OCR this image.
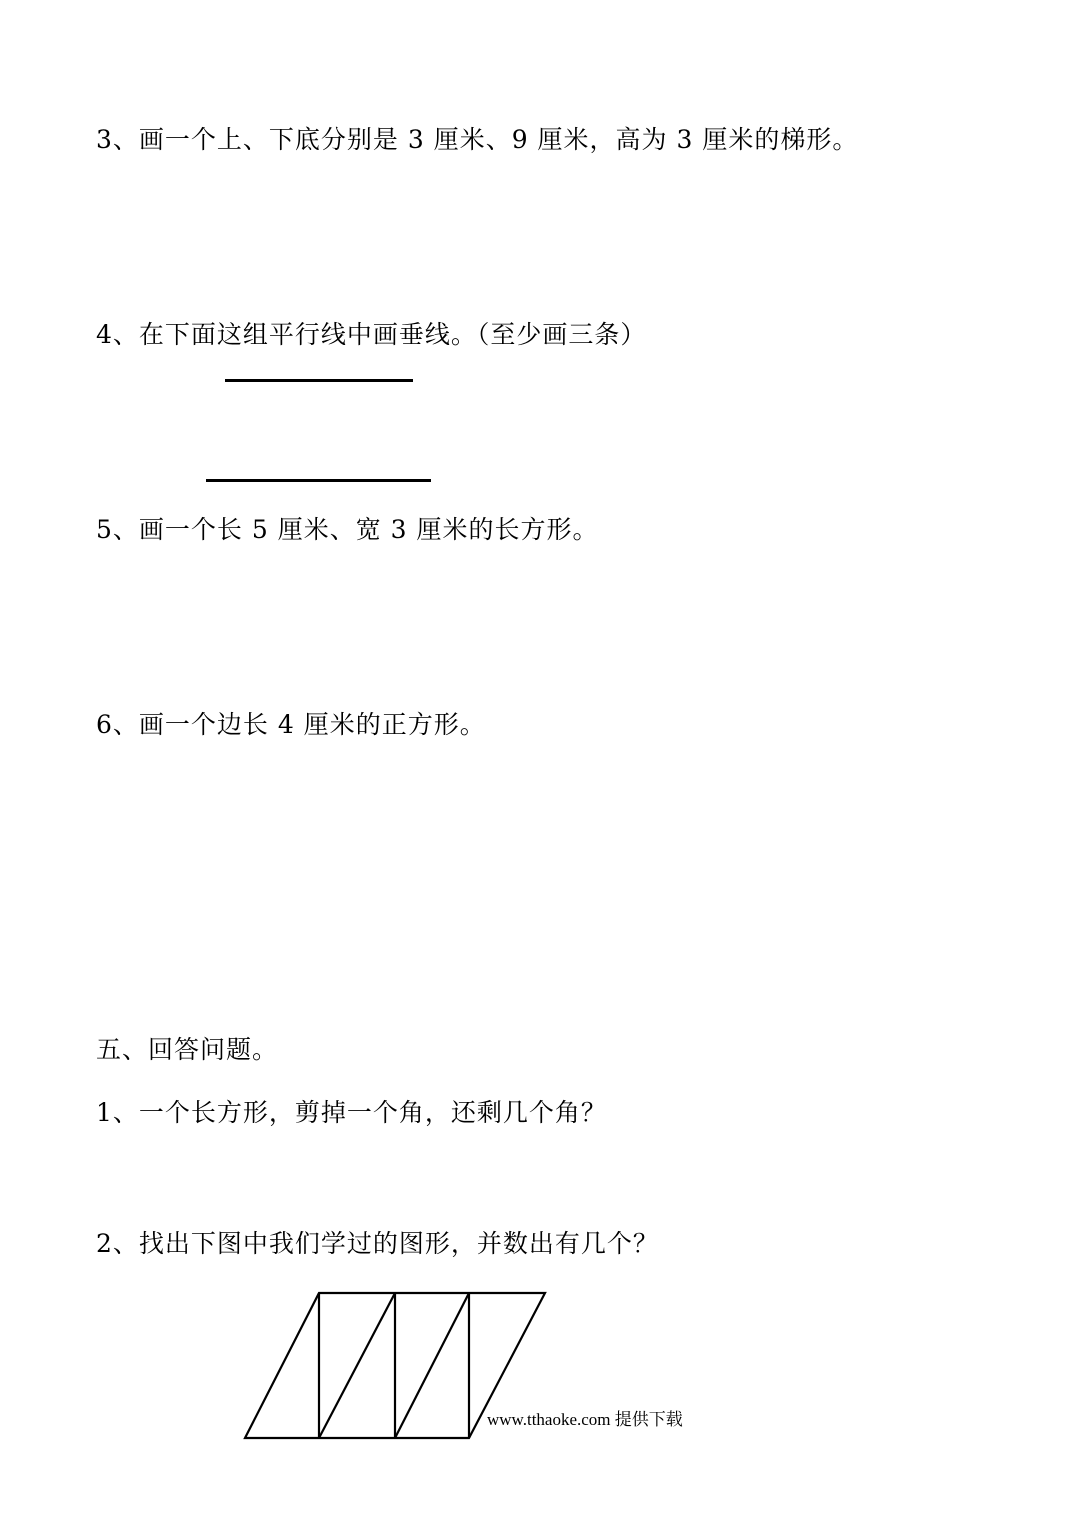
3、画一个上、下底分别是 3 厘米、9 厘米，高为 3 厘米的梯形。
4、在下面这组平行线中画垂线。（至少画三条）
5、画一个长 5 厘米、宽 3 厘米的长方形。
6、画一个边长 4 厘米的正方形。
五、回答问题。
1、一个长方形，剪掉一个角，还剩几个角？
2、找出下图中我们学过的图形，并数出有几个？
www.tthaoke.com 提供下载
